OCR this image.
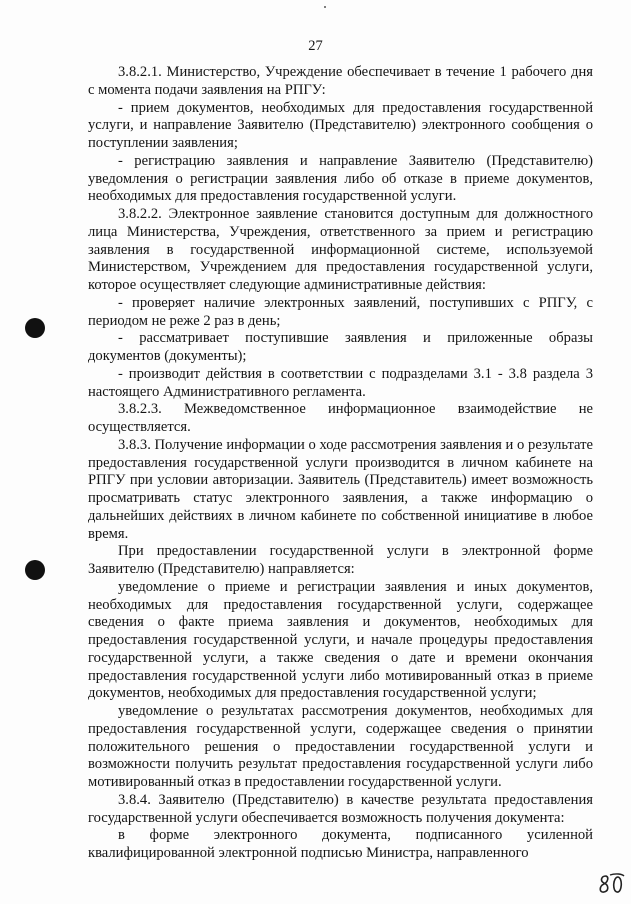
27

3.8.2.1. Министерство, Учреждение обеспечивает в течение 1 рабочего дня с момента подачи заявления на РПГУ:

- прием документов, необходимых для предоставления государственной услуги, и направление Заявителю (Представителю) электронного сообщения о поступлении заявления;

- регистрацию заявления и направление Заявителю (Представителю) уведомления о регистрации заявления либо об отказе в приеме документов, необходимых для предоставления государственной услуги.

3.8.2.2. Электронное заявление становится доступным для должностного лица Министерства, Учреждения, ответственного за прием и регистрацию заявления в государственной информационной системе, используемой Министерством, Учреждением для предоставления государственной услуги, которое осуществляет следующие административные действия:

- проверяет наличие электронных заявлений, поступивших с РПГУ, с периодом не реже 2 раз в день;

- рассматривает поступившие заявления и приложенные образы документов (документы);

- производит действия в соответствии с подразделами 3.1 - 3.8 раздела 3 настоящего Административного регламента.

3.8.2.3. Межведомственное информационное взаимодействие не осуществляется.

3.8.3. Получение информации о ходе рассмотрения заявления и о результате предоставления государственной услуги производится в личном кабинете на РПГУ при условии авторизации. Заявитель (Представитель) имеет возможность просматривать статус электронного заявления, а также информацию о дальнейших действиях в личном кабинете по собственной инициативе в любое время.

При предоставлении государственной услуги в электронной форме Заявителю (Представителю) направляется:

уведомление о приеме и регистрации заявления и иных документов, необходимых для предоставления государственной услуги, содержащее сведения о факте приема заявления и документов, необходимых для предоставления государственной услуги, и начале процедуры предоставления государственной услуги, а также сведения о дате и времени окончания предоставления государственной услуги либо мотивированный отказ в приеме документов, необходимых для предоставления государственной услуги;

уведомление о результатах рассмотрения документов, необходимых для предоставления государственной услуги, содержащее сведения о принятии положительного решения о предоставлении государственной услуги и возможности получить результат предоставления государственной услуги либо мотивированный отказ в предоставлении государственной услуги.

3.8.4. Заявителю (Представителю) в качестве результата предоставления государственной услуги обеспечивается возможность получения документа:

в форме электронного документа, подписанного усиленной квалифицированной электронной подписью Министра, направленного
